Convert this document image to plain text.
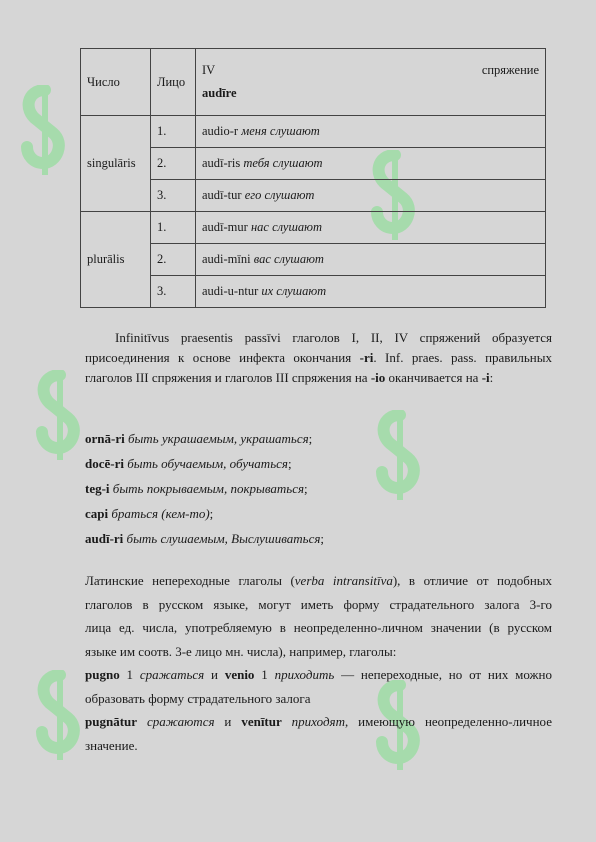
Число	Лицо	IV спряжение
audīre

singulāris	1.	audio-r меня слушают
	2.	audī-ris тебя слушают
	3.	audī-tur его слушают
plurālis	1.	audī-mur нас слушают
	2.	audi-mīni вас слушают
	3.	audi-u-ntur их слушают

Infinitīvus praesentis passīvi глаголов I, II, IV спряжений образуется

присоединения к основе инфекта окончания -ri. Inf. praes. pass. правильных

глаголов III спряжения и глаголов III спряжения на -io оканчивается на -i:

ornā-ri быть украшаемым, украшаться;

docē-ri быть обучаемым, обучаться;

teg-i быть покрываемым, покрываться;

capi браться (кем-то);

audī-ri быть слушаемым, Выслушиваться;

Латинские непереходные глаголы (verba intransitīva), в отличие от подобных

глаголов в русском языке, могут иметь форму страдательного залога 3-го

лица ед. числа, употребляемую в неопределенно-личном значении (в русском

языке им соотв. 3-е лицо мн. числа), например, глаголы:

pugno 1 сражаться и venio 1 приходить — непереходные, но от них можно

образовать форму страдательного залога

pugnātur сражаются и venītur приходят, имеющую неопределенно-личное

значение.
